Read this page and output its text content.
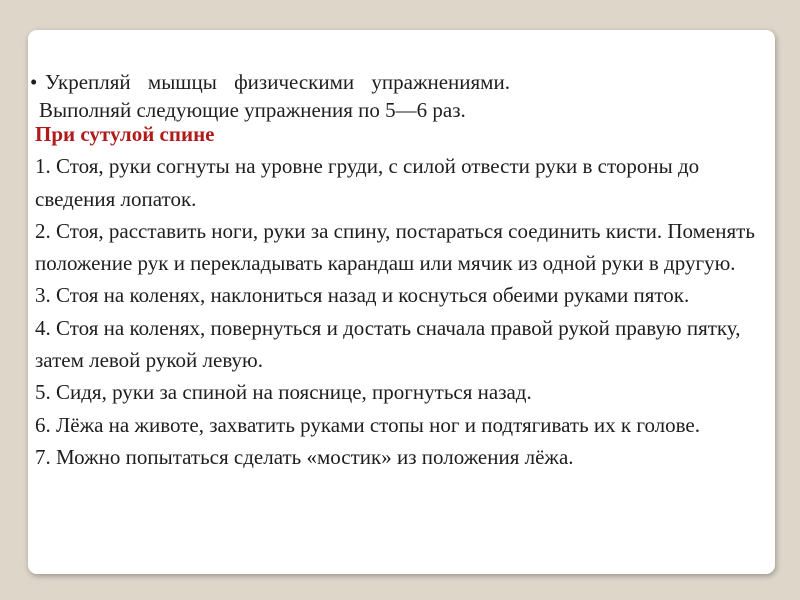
• Укрепляй мышцы физическими упражнениями.
Выполняй следующие упражнения по 5—6 раз.
При сутулой спине
1. Стоя, руки согнуты на уровне груди, с силой отвести руки в стороны до сведения лопаток.
2. Стоя, расставить ноги, руки за спину, постараться соединить кисти. Поменять положение рук и перекладывать карандаш или мячик из одной руки в другую.
3. Стоя на коленях, наклониться назад и коснуться обеими руками пяток.
4. Стоя на коленях, повернуться и достать сначала правой рукой правую пятку, затем левой рукой левую.
5. Сидя, руки за спиной на пояснице, прогнуться назад.
6. Лёжа на животе, захватить руками стопы ног и подтягивать их к голове.
7. Можно попытаться сделать «мостик» из положения лёжа.
